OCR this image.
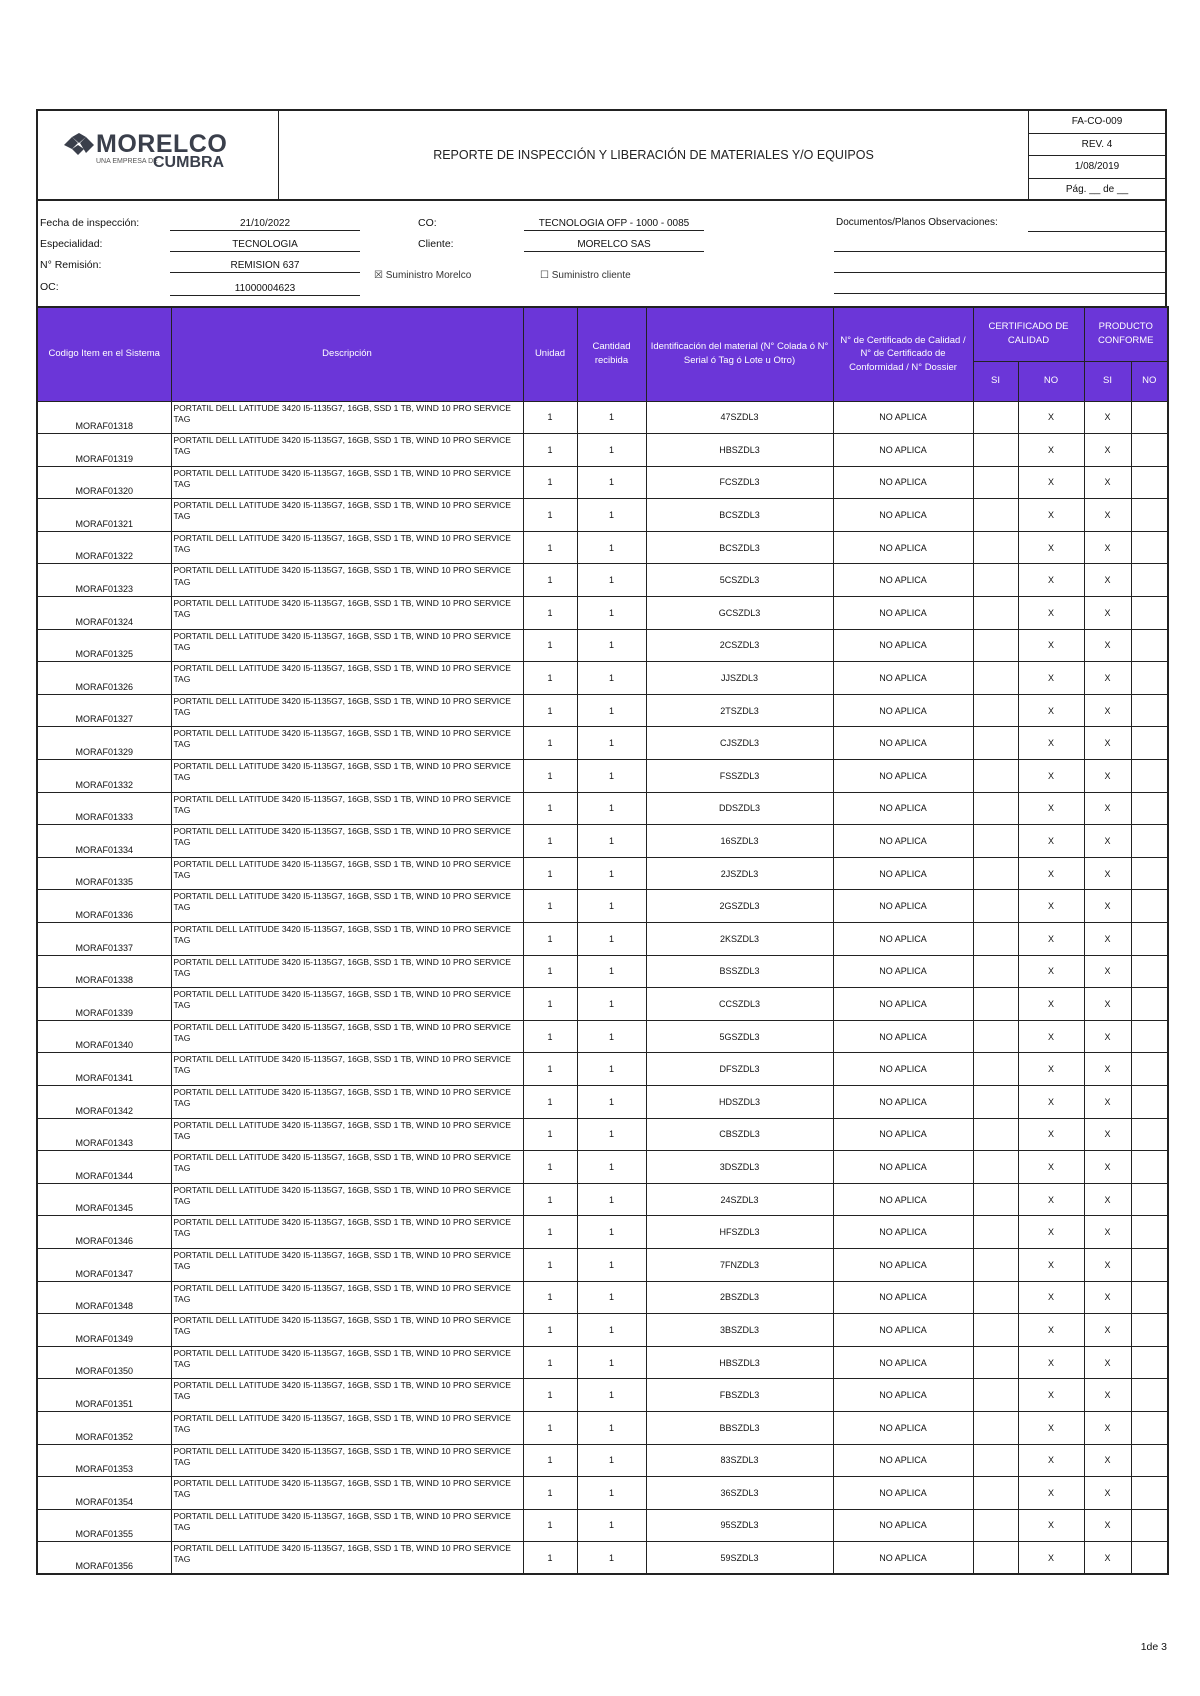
MORELCO
UNA EMPRESA DE
CUMBRA	REPORTE DE INSPECCIÓN Y LIBERACIÓN DE MATERIALES Y/O EQUIPOS
FA-CO-009
REV. 4
1/08/2019
Pág. __ de __
Fecha de inspección:	21/10/2022
Especialidad:	TECNOLOGIA
N° Remisión:	REMISION 637
OC:	11000004623
CO:	TECNOLOGIA OFP - 1000 - 0085
Cliente:	MORELCO SAS
☒ Suministro Morelco	☐ Suministro cliente
Documentos/Planos Observaciones:
Codigo Item en el Sistema	Descripción	Unidad	Cantidad recibida	Identificación del material (N° Colada ó N° Serial ó Tag ó Lote u Otro)	N° de Certificado de Calidad / N° de Certificado de Conformidad / N° Dossier	CERTIFICADO DE CALIDAD		PRODUCTO CONFORME	
						SI	NO	SI	NO
MORAF01318	PORTATIL DELL LATITUDE 3420 I5-1135G7, 16GB, SSD 1 TB, WIND 10 PRO SERVICE TAG	1	1	47SZDL3	NO APLICA		X	X	
MORAF01319	PORTATIL DELL LATITUDE 3420 I5-1135G7, 16GB, SSD 1 TB, WIND 10 PRO SERVICE TAG	1	1	HBSZDL3	NO APLICA		X	X	
MORAF01320	PORTATIL DELL LATITUDE 3420 I5-1135G7, 16GB, SSD 1 TB, WIND 10 PRO SERVICE TAG	1	1	FCSZDL3	NO APLICA		X	X	
MORAF01321	PORTATIL DELL LATITUDE 3420 I5-1135G7, 16GB, SSD 1 TB, WIND 10 PRO SERVICE TAG	1	1	BCSZDL3	NO APLICA		X	X	
MORAF01322	PORTATIL DELL LATITUDE 3420 I5-1135G7, 16GB, SSD 1 TB, WIND 10 PRO SERVICE TAG	1	1	BCSZDL3	NO APLICA		X	X	
MORAF01323	PORTATIL DELL LATITUDE 3420 I5-1135G7, 16GB, SSD 1 TB, WIND 10 PRO SERVICE TAG	1	1	5CSZDL3	NO APLICA		X	X	
MORAF01324	PORTATIL DELL LATITUDE 3420 I5-1135G7, 16GB, SSD 1 TB, WIND 10 PRO SERVICE TAG	1	1	GCSZDL3	NO APLICA		X	X	
MORAF01325	PORTATIL DELL LATITUDE 3420 I5-1135G7, 16GB, SSD 1 TB, WIND 10 PRO SERVICE TAG	1	1	2CSZDL3	NO APLICA		X	X	
MORAF01326	PORTATIL DELL LATITUDE 3420 I5-1135G7, 16GB, SSD 1 TB, WIND 10 PRO SERVICE TAG	1	1	JJSZDL3	NO APLICA		X	X	
MORAF01327	PORTATIL DELL LATITUDE 3420 I5-1135G7, 16GB, SSD 1 TB, WIND 10 PRO SERVICE TAG	1	1	2TSZDL3	NO APLICA		X	X	
MORAF01329	PORTATIL DELL LATITUDE 3420 I5-1135G7, 16GB, SSD 1 TB, WIND 10 PRO SERVICE TAG	1	1	CJSZDL3	NO APLICA		X	X	
MORAF01332	PORTATIL DELL LATITUDE 3420 I5-1135G7, 16GB, SSD 1 TB, WIND 10 PRO SERVICE TAG	1	1	FSSZDL3	NO APLICA		X	X	
MORAF01333	PORTATIL DELL LATITUDE 3420 I5-1135G7, 16GB, SSD 1 TB, WIND 10 PRO SERVICE TAG	1	1	DDSZDL3	NO APLICA		X	X	
MORAF01334	PORTATIL DELL LATITUDE 3420 I5-1135G7, 16GB, SSD 1 TB, WIND 10 PRO SERVICE TAG	1	1	16SZDL3	NO APLICA		X	X	
MORAF01335	PORTATIL DELL LATITUDE 3420 I5-1135G7, 16GB, SSD 1 TB, WIND 10 PRO SERVICE TAG	1	1	2JSZDL3	NO APLICA		X	X	
MORAF01336	PORTATIL DELL LATITUDE 3420 I5-1135G7, 16GB, SSD 1 TB, WIND 10 PRO SERVICE TAG	1	1	2GSZDL3	NO APLICA		X	X	
MORAF01337	PORTATIL DELL LATITUDE 3420 I5-1135G7, 16GB, SSD 1 TB, WIND 10 PRO SERVICE TAG	1	1	2KSZDL3	NO APLICA		X	X	
MORAF01338	PORTATIL DELL LATITUDE 3420 I5-1135G7, 16GB, SSD 1 TB, WIND 10 PRO SERVICE TAG	1	1	BSSZDL3	NO APLICA		X	X	
MORAF01339	PORTATIL DELL LATITUDE 3420 I5-1135G7, 16GB, SSD 1 TB, WIND 10 PRO SERVICE TAG	1	1	CCSZDL3	NO APLICA		X	X	
MORAF01340	PORTATIL DELL LATITUDE 3420 I5-1135G7, 16GB, SSD 1 TB, WIND 10 PRO SERVICE TAG	1	1	5GSZDL3	NO APLICA		X	X	
MORAF01341	PORTATIL DELL LATITUDE 3420 I5-1135G7, 16GB, SSD 1 TB, WIND 10 PRO SERVICE TAG	1	1	DFSZDL3	NO APLICA		X	X	
MORAF01342	PORTATIL DELL LATITUDE 3420 I5-1135G7, 16GB, SSD 1 TB, WIND 10 PRO SERVICE TAG	1	1	HDSZDL3	NO APLICA		X	X	
MORAF01343	PORTATIL DELL LATITUDE 3420 I5-1135G7, 16GB, SSD 1 TB, WIND 10 PRO SERVICE TAG	1	1	CBSZDL3	NO APLICA		X	X	
MORAF01344	PORTATIL DELL LATITUDE 3420 I5-1135G7, 16GB, SSD 1 TB, WIND 10 PRO SERVICE TAG	1	1	3DSZDL3	NO APLICA		X	X	
MORAF01345	PORTATIL DELL LATITUDE 3420 I5-1135G7, 16GB, SSD 1 TB, WIND 10 PRO SERVICE TAG	1	1	24SZDL3	NO APLICA		X	X	
MORAF01346	PORTATIL DELL LATITUDE 3420 I5-1135G7, 16GB, SSD 1 TB, WIND 10 PRO SERVICE TAG	1	1	HFSZDL3	NO APLICA		X	X	
MORAF01347	PORTATIL DELL LATITUDE 3420 I5-1135G7, 16GB, SSD 1 TB, WIND 10 PRO SERVICE TAG	1	1	7FNZDL3	NO APLICA		X	X	
MORAF01348	PORTATIL DELL LATITUDE 3420 I5-1135G7, 16GB, SSD 1 TB, WIND 10 PRO SERVICE TAG	1	1	2BSZDL3	NO APLICA		X	X	
MORAF01349	PORTATIL DELL LATITUDE 3420 I5-1135G7, 16GB, SSD 1 TB, WIND 10 PRO SERVICE TAG	1	1	3BSZDL3	NO APLICA		X	X	
MORAF01350	PORTATIL DELL LATITUDE 3420 I5-1135G7, 16GB, SSD 1 TB, WIND 10 PRO SERVICE TAG	1	1	HBSZDL3	NO APLICA		X	X	
MORAF01351	PORTATIL DELL LATITUDE 3420 I5-1135G7, 16GB, SSD 1 TB, WIND 10 PRO SERVICE TAG	1	1	FBSZDL3	NO APLICA		X	X	
MORAF01352	PORTATIL DELL LATITUDE 3420 I5-1135G7, 16GB, SSD 1 TB, WIND 10 PRO SERVICE TAG	1	1	BBSZDL3	NO APLICA		X	X	
MORAF01353	PORTATIL DELL LATITUDE 3420 I5-1135G7, 16GB, SSD 1 TB, WIND 10 PRO SERVICE TAG	1	1	83SZDL3	NO APLICA		X	X	
MORAF01354	PORTATIL DELL LATITUDE 3420 I5-1135G7, 16GB, SSD 1 TB, WIND 10 PRO SERVICE TAG	1	1	36SZDL3	NO APLICA		X	X	
MORAF01355	PORTATIL DELL LATITUDE 3420 I5-1135G7, 16GB, SSD 1 TB, WIND 10 PRO SERVICE TAG	1	1	95SZDL3	NO APLICA		X	X	
MORAF01356	PORTATIL DELL LATITUDE 3420 I5-1135G7, 16GB, SSD 1 TB, WIND 10 PRO SERVICE TAG	1	1	59SZDL3	NO APLICA		X	X	
1de 3
